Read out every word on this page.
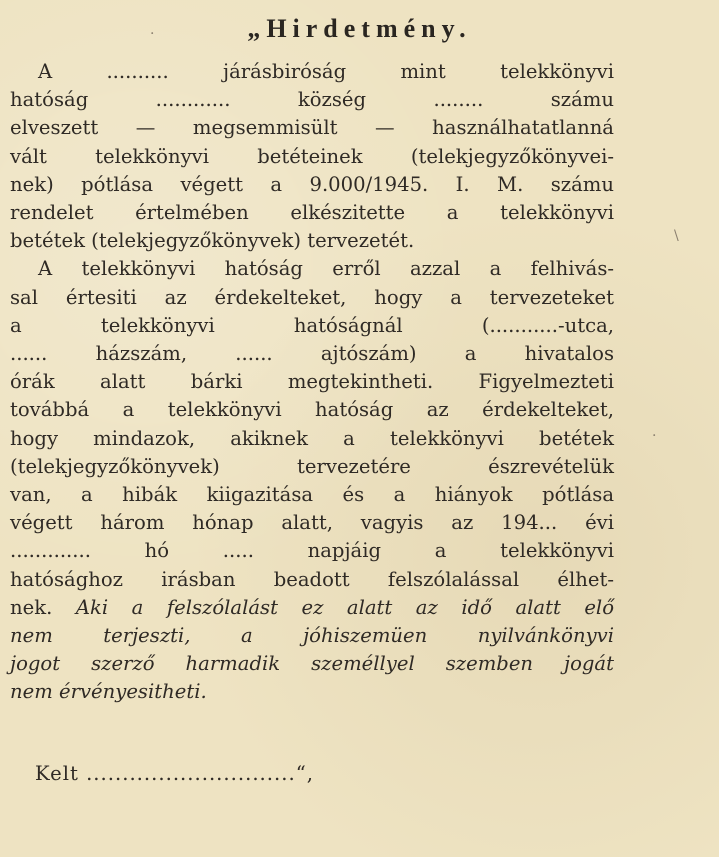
„Hirdetmény.
A .......... járásbiróság mint telekkönyvi
hatóság ............ község ........ számu
elveszett — megsemmisült — használhatatlanná
vált telekkönyvi betéteinek (telekjegyzőkönyvei-
nek) pótlása végett a 9.000/1945. I. M. számu
rendelet értelmében elkészitette a telekkönyvi
betétek (telekjegyzőkönyvek) tervezetét.
A telekkönyvi hatóság erről azzal a felhivás-
sal értesiti az érdekelteket, hogy a tervezeteket
a telekkönyvi hatóságnál (...........-utca,
...... házszám, ...... ajtószám) a hivatalos
órák alatt bárki megtekintheti. Figyelmezteti
továbbá a telekkönyvi hatóság az érdekelteket,
hogy mindazok, akiknek a telekkönyvi betétek
(telekjegyzőkönyvek) tervezetére észrevételük
van, a hibák kiigazitása és a hiányok pótlása
végett három hónap alatt, vagyis az 194... évi
............. hó ..... napjáig a telekkönyvi
hatósághoz irásban beadott felszólalással élhet-
nek. Aki a felszólalást ez alatt az idő alatt elő
nem terjeszti, a jóhiszemüen nyilvánkönyvi
jogot szerző harmadik személlyel szemben jogát
nem érvényesitheti.
Kelt .............................“,
·
·
\
